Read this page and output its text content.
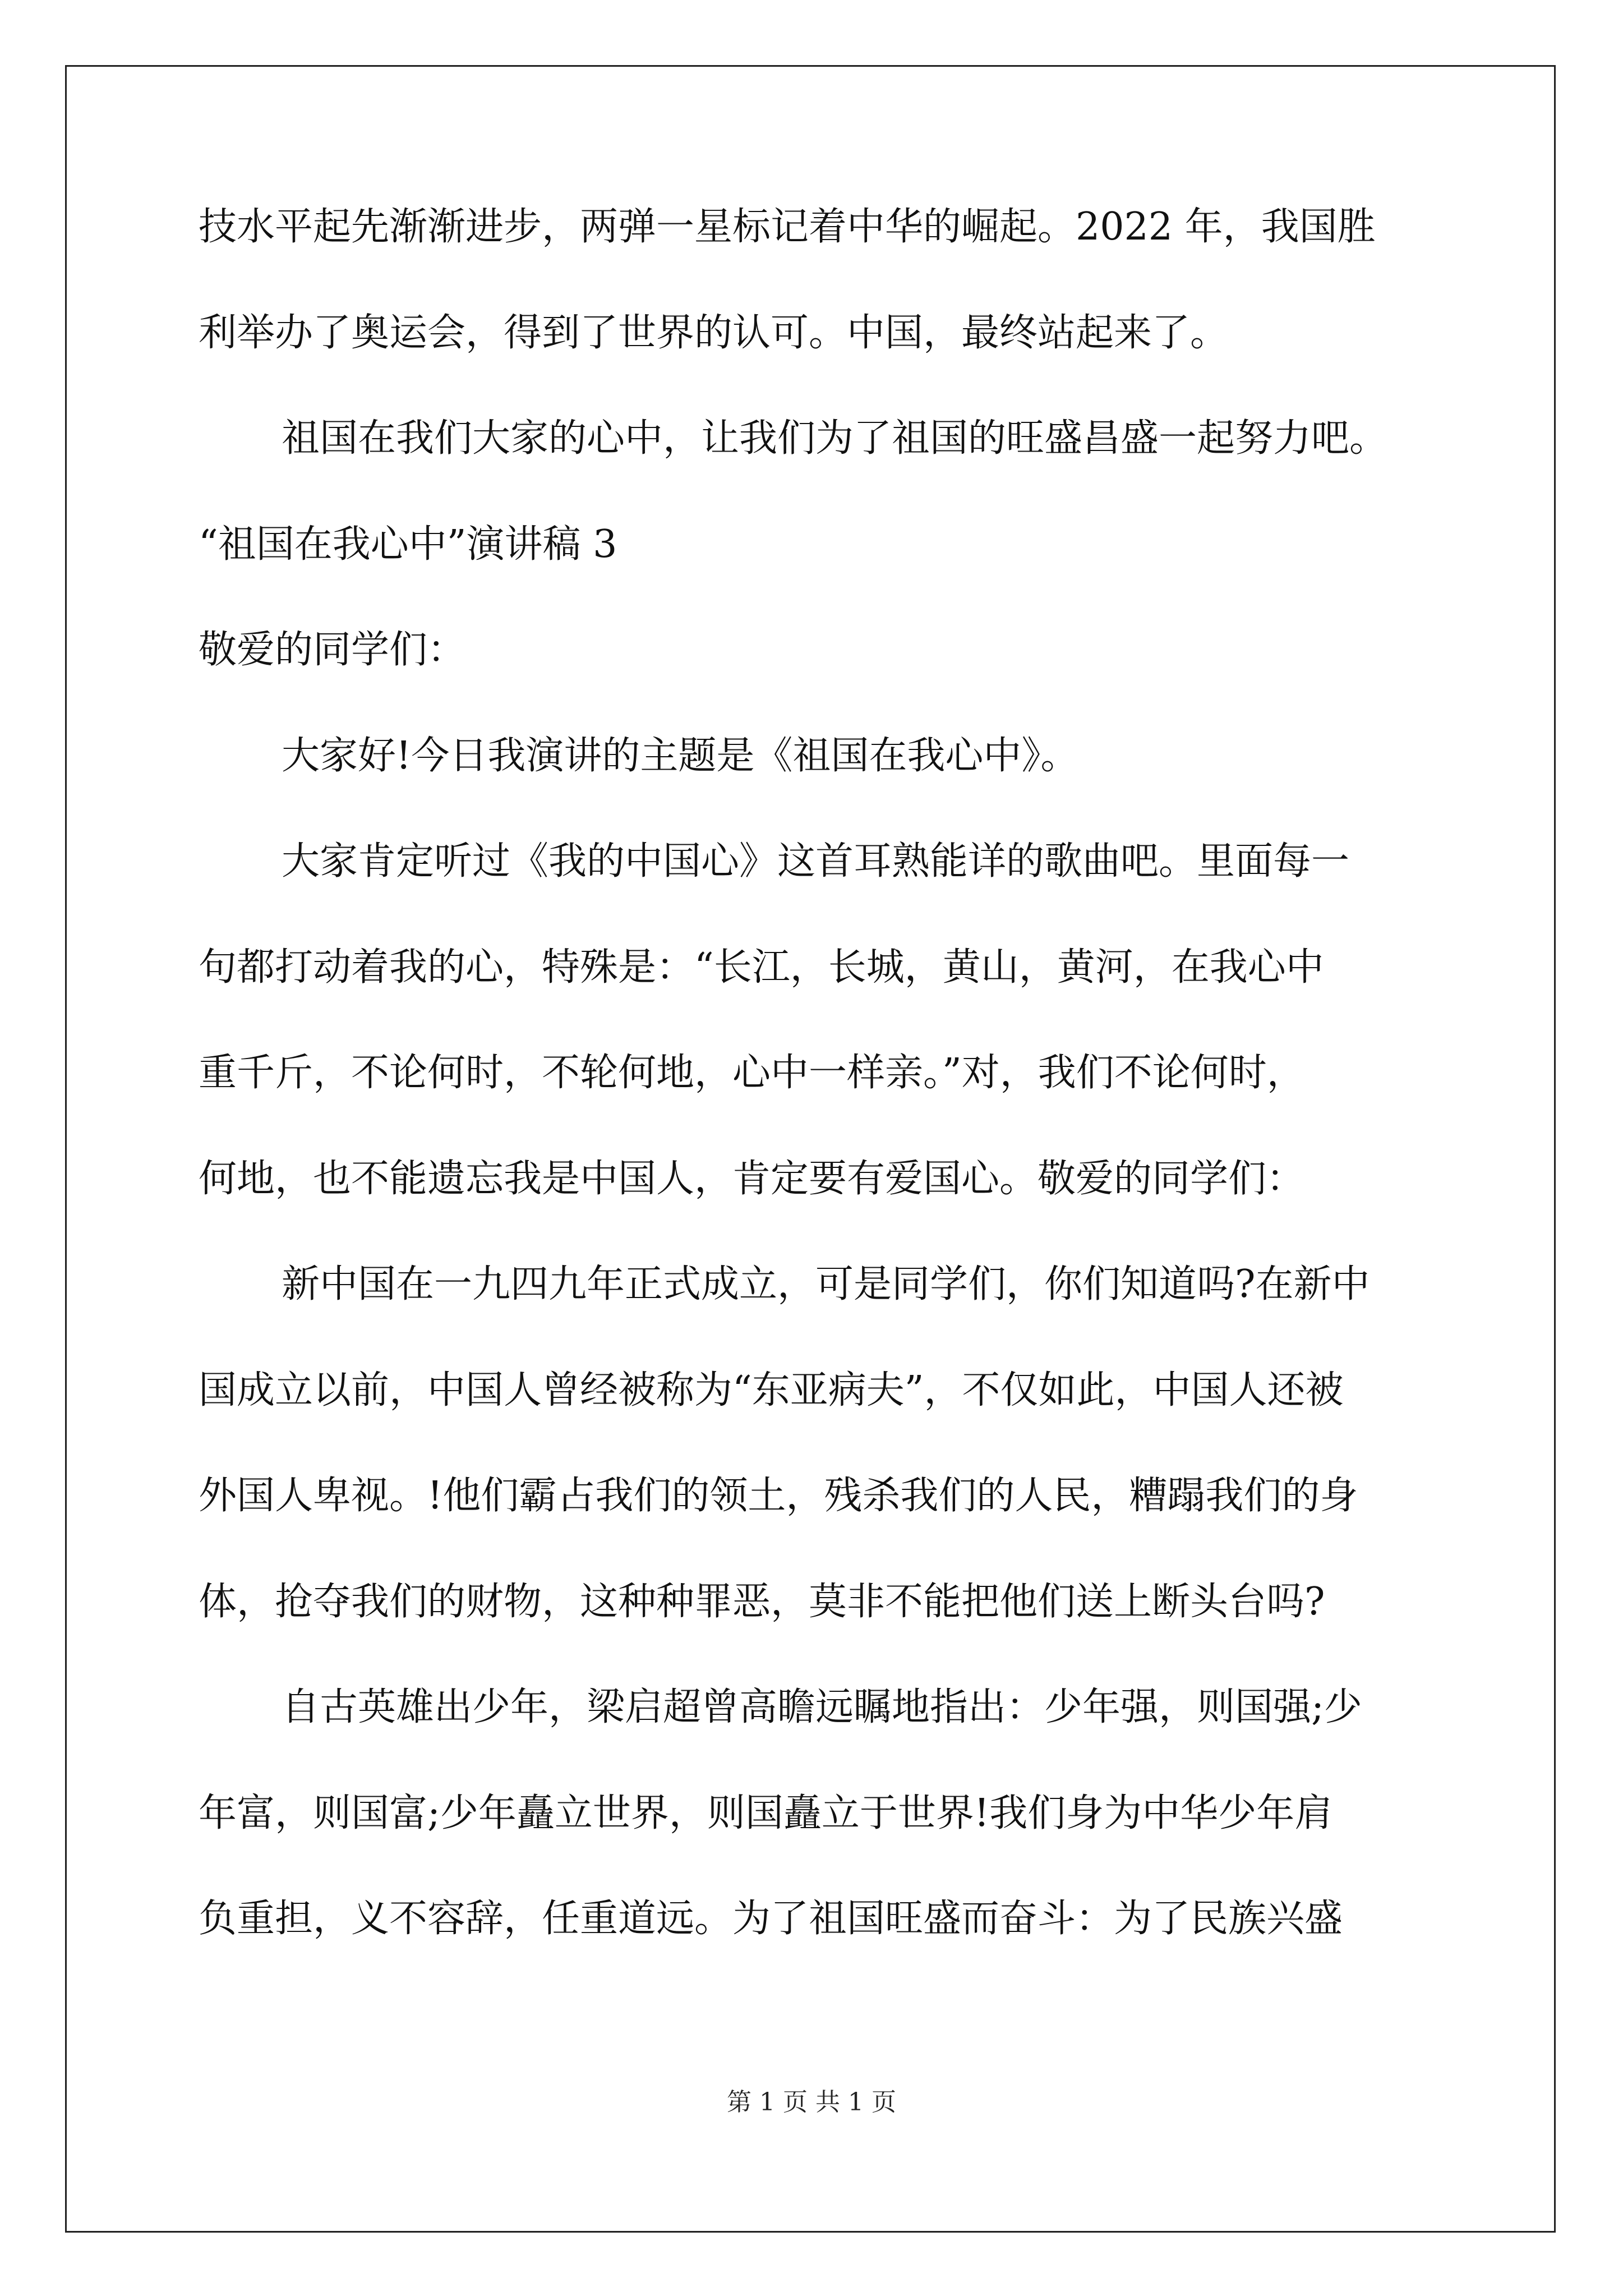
技水平起先渐渐进步，两弹一星标记着中华的崛起。2022 年，我国胜
利举办了奥运会，得到了世界的认可。中国，最终站起来了。
祖国在我们大家的心中，让我们为了祖国的旺盛昌盛一起努力吧。
“祖国在我心中”演讲稿 3
敬爱的同学们：
大家好!今日我演讲的主题是《祖国在我心中》。
大家肯定听过《我的中国心》这首耳熟能详的歌曲吧。里面每一
句都打动着我的心，特殊是：“长江，长城，黄山，黄河，在我心中
重千斤，不论何时，不轮何地，心中一样亲。”对，我们不论何时，
何地，也不能遗忘我是中国人，肯定要有爱国心。敬爱的同学们：
新中国在一九四九年正式成立，可是同学们，你们知道吗?在新中
国成立以前，中国人曾经被称为“东亚病夫”，不仅如此，中国人还被
外国人卑视。!他们霸占我们的领土，残杀我们的人民，糟蹋我们的身
体，抢夺我们的财物，这种种罪恶，莫非不能把他们送上断头台吗?
自古英雄出少年，梁启超曾高瞻远瞩地指出：少年强，则国强;少
年富，则国富;少年矗立世界，则国矗立于世界!我们身为中华少年肩
负重担，义不容辞，任重道远。为了祖国旺盛而奋斗：为了民族兴盛
第 1 页 共 1 页
